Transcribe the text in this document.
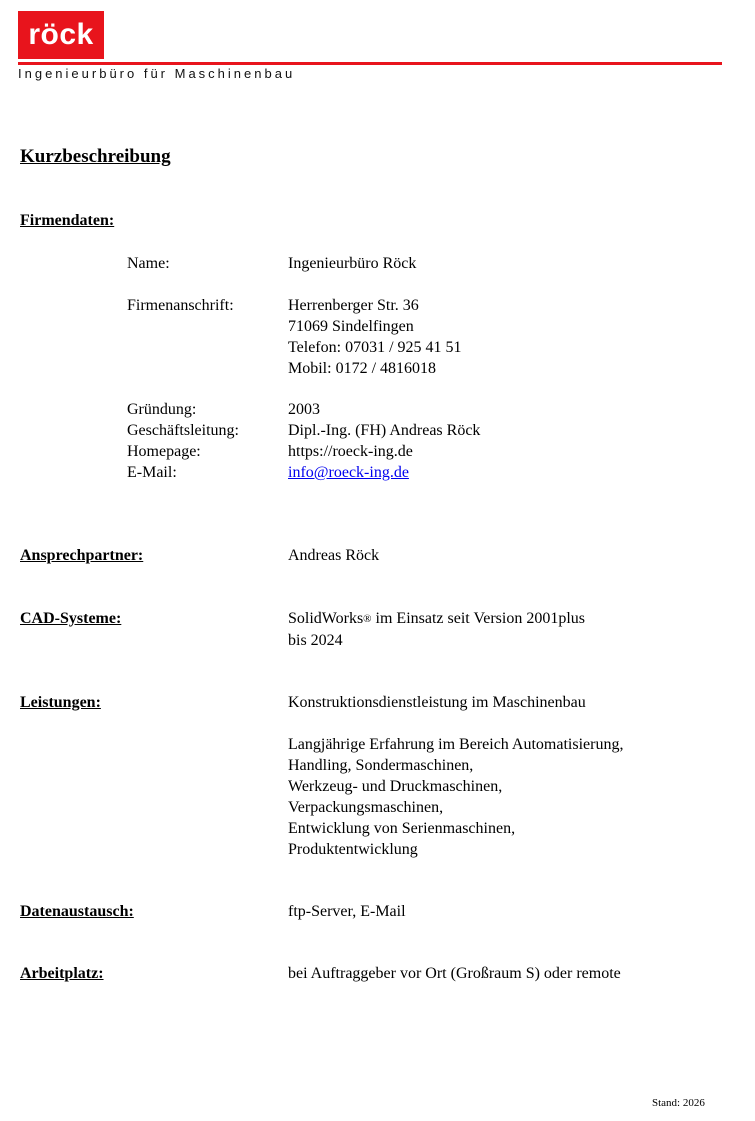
röck
Ingenieurbüro für Maschinenbau
Kurzbeschreibung
Firmendaten:
Name:	Ingenieurbüro Röck
Firmenanschrift:	Herrenberger Str. 36
71069 Sindelfingen
Telefon: 07031 / 925 41 51
Mobil: 0172 / 4816018
Gründung:	2003
Geschäftsleitung:	Dipl.-Ing. (FH) Andreas Röck
Homepage:	https://roeck-ing.de
E-Mail:	info@roeck-ing.de
Ansprechpartner:	Andreas Röck
CAD-Systeme:	SolidWorks® im Einsatz seit Version 2001plus
bis 2024
Leistungen:	Konstruktionsdienstleistung im Maschinenbau
Langjährige Erfahrung im Bereich Automatisierung,
Handling, Sondermaschinen,
Werkzeug- und Druckmaschinen,
Verpackungsmaschinen,
Entwicklung von Serienmaschinen,
Produktentwicklung
Datenaustausch:	ftp-Server, E-Mail
Arbeitplatz:	bei Auftraggeber vor Ort (Großraum S) oder remote
Stand: 2026
